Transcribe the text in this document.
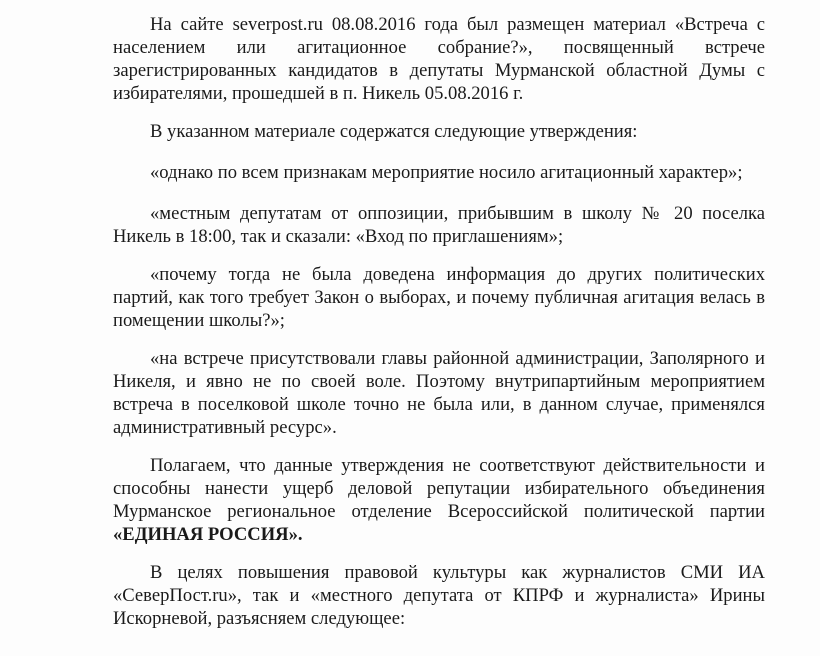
На сайте severpost.ru 08.08.2016 года был размещен материал «Встреча с населением или агитационное собрание?», посвященный встрече зарегистрированных кандидатов в депутаты Мурманской областной Думы с избирателями, прошедшей в п. Никель 05.08.2016 г.

В указанном материале содержатся следующие утверждения:

«однако по всем признакам мероприятие носило агитационный характер»;

«местным депутатам от оппозиции, прибывшим в школу № 20 поселка Никель в 18:00, так и сказали: «Вход по приглашениям»;

«почему тогда не была доведена информация до других политических партий, как того требует Закон о выборах, и почему публичная агитация велась в помещении школы?»;

«на встрече присутствовали главы районной администрации, Заполярного и Никеля, и явно не по своей воле. Поэтому внутрипартийным мероприятием встреча в поселковой школе точно не была или, в данном случае, применялся административный ресурс».

Полагаем, что данные утверждения не соответствуют действительности и способны нанести ущерб деловой репутации избирательного объединения Мурманское региональное отделение Всероссийской политической партии «ЕДИНАЯ РОССИЯ».

В целях повышения правовой культуры как журналистов СМИ ИА «СеверПост.ru», так и «местного депутата от КПРФ и журналиста» Ирины Искорневой, разъясняем следующее:
